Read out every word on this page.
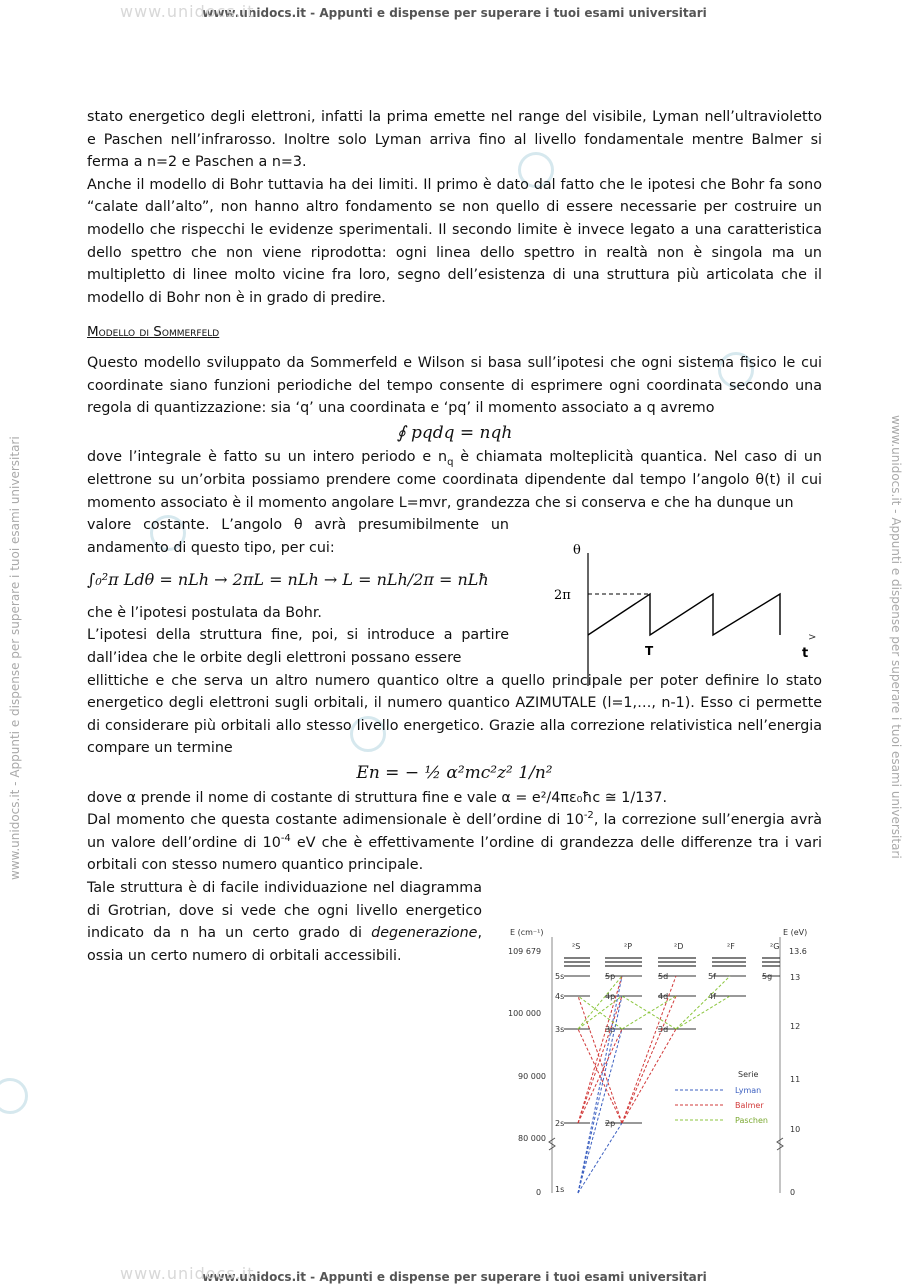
www.unidocs.it - Appunti e dispense per superare i tuoi esami universitari
www.unidocs.it - Appunti e dispense per superare i tuoi esami universitari
www.unidocs.it
www.unidocs.it
www.unidocs.it - Appunti e dispense per superare i tuoi esami universitari	www.unidocs.it - Appunti e dispense per superare i tuoi esami universitari

stato energetico degli elettroni, infatti la prima emette nel range del visibile, Lyman nell’ultravioletto e Paschen nell’infrarosso. Inoltre solo Lyman arriva fino al livello fondamentale mentre Balmer si ferma a n=2 e Paschen a n=3.

Anche il modello di Bohr tuttavia ha dei limiti. Il primo è dato dal fatto che le ipotesi che Bohr fa sono “calate dall’alto”, non hanno altro fondamento se non quello di essere necessarie per costruire un modello che rispecchi le evidenze sperimentali. Il secondo limite è invece legato a una caratteristica dello spettro che non viene riprodotta: ogni linea dello spettro in realtà non è singola ma un multipletto di linee molto vicine fra loro, segno dell’esistenza di una struttura più articolata che il modello di Bohr non è in grado di predire.

Modello di Sommerfeld

Questo modello sviluppato da Sommerfeld e Wilson si basa sull’ipotesi che ogni sistema fisico le cui coordinate siano funzioni periodiche del tempo consente di esprimere ogni coordinata secondo una regola di quantizzazione: sia ‘q’ una coordinata e ‘pq’ il momento associato a q avremo

∮ pqdq = nqh

dove l’integrale è fatto su un intero periodo e $n_q$ è chiamata molteplicità quantica. Nel caso di un elettrone su un’orbita possiamo prendere come coordinata dipendente dal tempo l’angolo θ(t) il cui momento associato è il momento angolare L=mvr, grandezza che si conserva e che ha dunque un

valore costante. L’angolo θ avrà presumibilmente un andamento di questo tipo, per cui:

∫₀²π Ldθ = nLh → 2πL = nLh → L = nLh/2π = nLħ

che è l’ipotesi postulata da Bohr.

L’ipotesi della struttura fine, poi, si introduce a partire dall’idea che le orbite degli elettroni possano essere

ellittiche e che serva un altro numero quantico oltre a quello principale per poter definire lo stato energetico degli elettroni sugli orbitali, il numero quantico AZIMUTALE (l=1,…, n-1). Esso ci permette di considerare più orbitali allo stesso livello energetico. Grazie alla correzione relativistica nell’energia compare un termine

En = − ½ α²mc²z² 1/n²

dove α prende il nome di costante di struttura fine e vale α = e²/4πε₀ħc ≅ 1/137.

Dal momento che questa costante adimensionale è dell’ordine di $10^{-2}$, la correzione sull’energia avrà un valore dell’ordine di $10^{-4}$ eV che è effettivamente l’ordine di grandezza delle differenze tra i vari orbitali con stesso numero quantico principale.

Tale struttura è di facile individuazione nel diagramma di Grotrian, dove si vede che ogni livello energetico indicato da n ha un certo grado di degenerazione, ossia un certo numero di orbitali accessibili.

θ
2π
T	t
>
E (cm⁻¹)	E (eV)
109 679
100 000
90 000
80 000
0
13.6
13
12
11
10
0
²S	²P	²D	²F	²G
5s
4s
3s
2s
1s
5p
4p
3p
2p
5d
4d
3d
5f
4f
5g
Serie
Lyman
Balmer
Paschen
